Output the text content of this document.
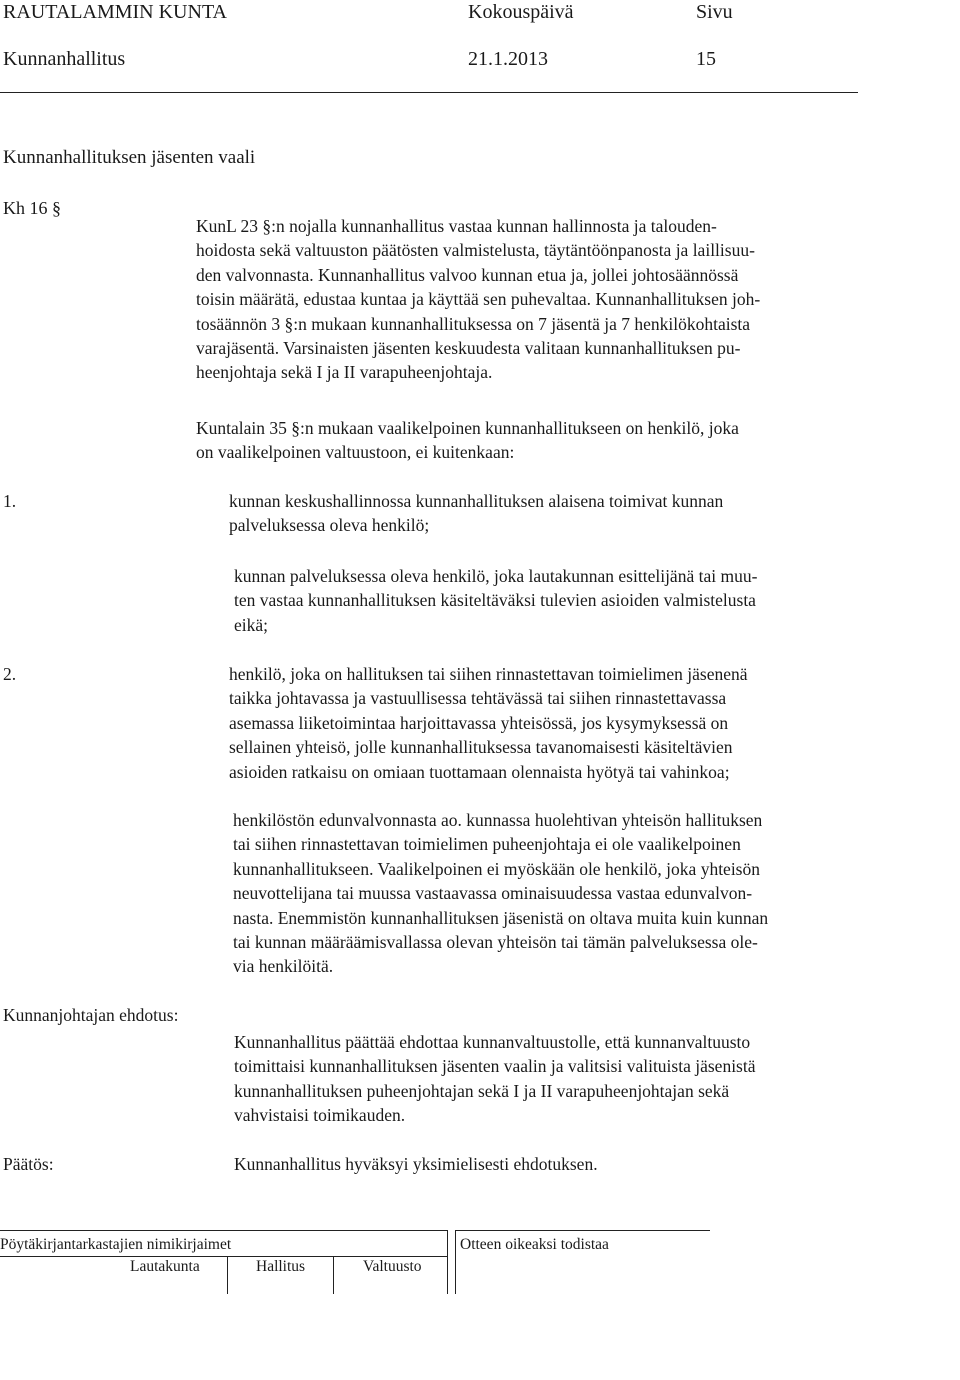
RAUTALAMMIN KUNTA	Kokouspäivä	Sivu
Kunnanhallitus	21.1.2013	15
Kunnanhallituksen jäsenten vaali
Kh 16 §
KunL 23 §:n nojalla kunnanhallitus vastaa kunnan hallinnosta ja talouden-
hoidosta sekä valtuuston päätösten valmistelusta, täytäntöönpanosta ja laillisuu-
den valvonnasta. Kunnanhallitus valvoo kunnan etua ja, jollei johtosäännössä
toisin määrätä, edustaa kuntaa ja käyttää sen puhevaltaa. Kunnanhallituksen joh-
tosäännön 3 §:n mukaan kunnanhallituksessa on 7 jäsentä ja 7 henkilökohtaista
varajäsentä. Varsinaisten jäsenten keskuudesta valitaan kunnanhallituksen pu-
heenjohtaja sekä I ja II varapuheenjohtaja.
Kuntalain 35 §:n mukaan vaalikelpoinen kunnanhallitukseen on henkilö, joka
on vaalikelpoinen valtuustoon, ei kuitenkaan:
1.	kunnan keskushallinnossa kunnanhallituksen alaisena toimivat kunnan
palveluksessa oleva henkilö;
kunnan palveluksessa oleva henkilö, joka lautakunnan esittelijänä tai muu-
ten vastaa kunnanhallituksen käsiteltäväksi tulevien asioiden valmistelusta
eikä;
2.	henkilö, joka on hallituksen tai siihen rinnastettavan toimielimen jäsenenä
taikka johtavassa ja vastuullisessa tehtävässä tai siihen rinnastettavassa
asemassa liiketoimintaa harjoittavassa yhteisössä, jos kysymyksessä on
sellainen yhteisö, jolle kunnanhallituksessa tavanomaisesti käsiteltävien
asioiden ratkaisu on omiaan tuottamaan olennaista hyötyä tai vahinkoa;
henkilöstön edunvalvonnasta ao. kunnassa huolehtivan yhteisön hallituksen
tai siihen rinnastettavan toimielimen puheenjohtaja ei ole vaalikelpoinen
kunnanhallitukseen. Vaalikelpoinen ei myöskään ole henkilö, joka yhteisön
neuvottelijana tai muussa vastaavassa ominaisuudessa vastaa edunvalvon-
nasta. Enemmistön kunnanhallituksen jäsenistä on oltava muita kuin kunnan
tai kunnan määräämisvallassa olevan yhteisön tai tämän palveluksessa ole-
via henkilöitä.
Kunnanjohtajan ehdotus:
Kunnanhallitus päättää ehdottaa kunnanvaltuustolle, että kunnanvaltuusto
toimittaisi kunnanhallituksen jäsenten vaalin ja valitsisi valituista jäsenistä
kunnanhallituksen puheenjohtajan sekä I ja II varapuheenjohtajan sekä
vahvistaisi toimikauden.
Päätös:	Kunnanhallitus hyväksyi yksimielisesti ehdotuksen.
Pöytäkirjantarkastajien nimikirjaimet	Otteen oikeaksi todistaa
Lautakunta	Hallitus	Valtuusto
